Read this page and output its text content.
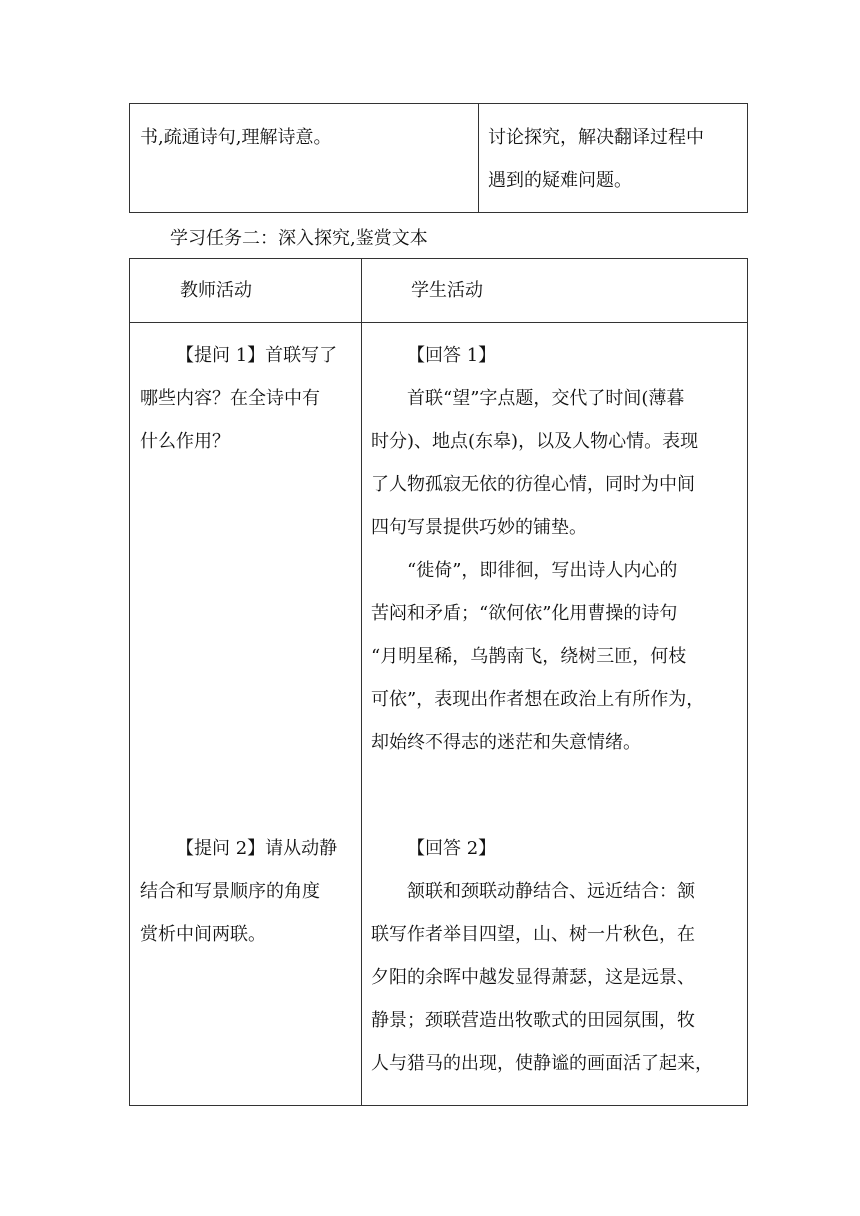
书,疏通诗句,理解诗意。	讨论探究，解决翻译过程中

遇到的疑难问题。

学习任务二：深入探究,鉴赏文本
教师活动	学生活动

【提问 1】首联写了

哪些内容？在全诗中有

什么作用？

【回答 1】

首联“望”字点题，交代了时间(薄暮

时分)、地点(东皋)，以及人物心情。表现

了人物孤寂无依的彷徨心情，同时为中间

四句写景提供巧妙的铺垫。

“徙倚”，即徘徊，写出诗人内心的

苦闷和矛盾；“欲何依”化用曹操的诗句

“月明星稀，乌鹊南飞，绕树三匝，何枝

可依”，表现出作者想在政治上有所作为，

却始终不得志的迷茫和失意情绪。

【提问 2】请从动静

结合和写景顺序的角度

赏析中间两联。

【回答 2】

颔联和颈联动静结合、远近结合：颔

联写作者举目四望，山、树一片秋色，在

夕阳的余晖中越发显得萧瑟，这是远景、

静景；颈联营造出牧歌式的田园氛围，牧

人与猎马的出现，使静谧的画面活了起来，
